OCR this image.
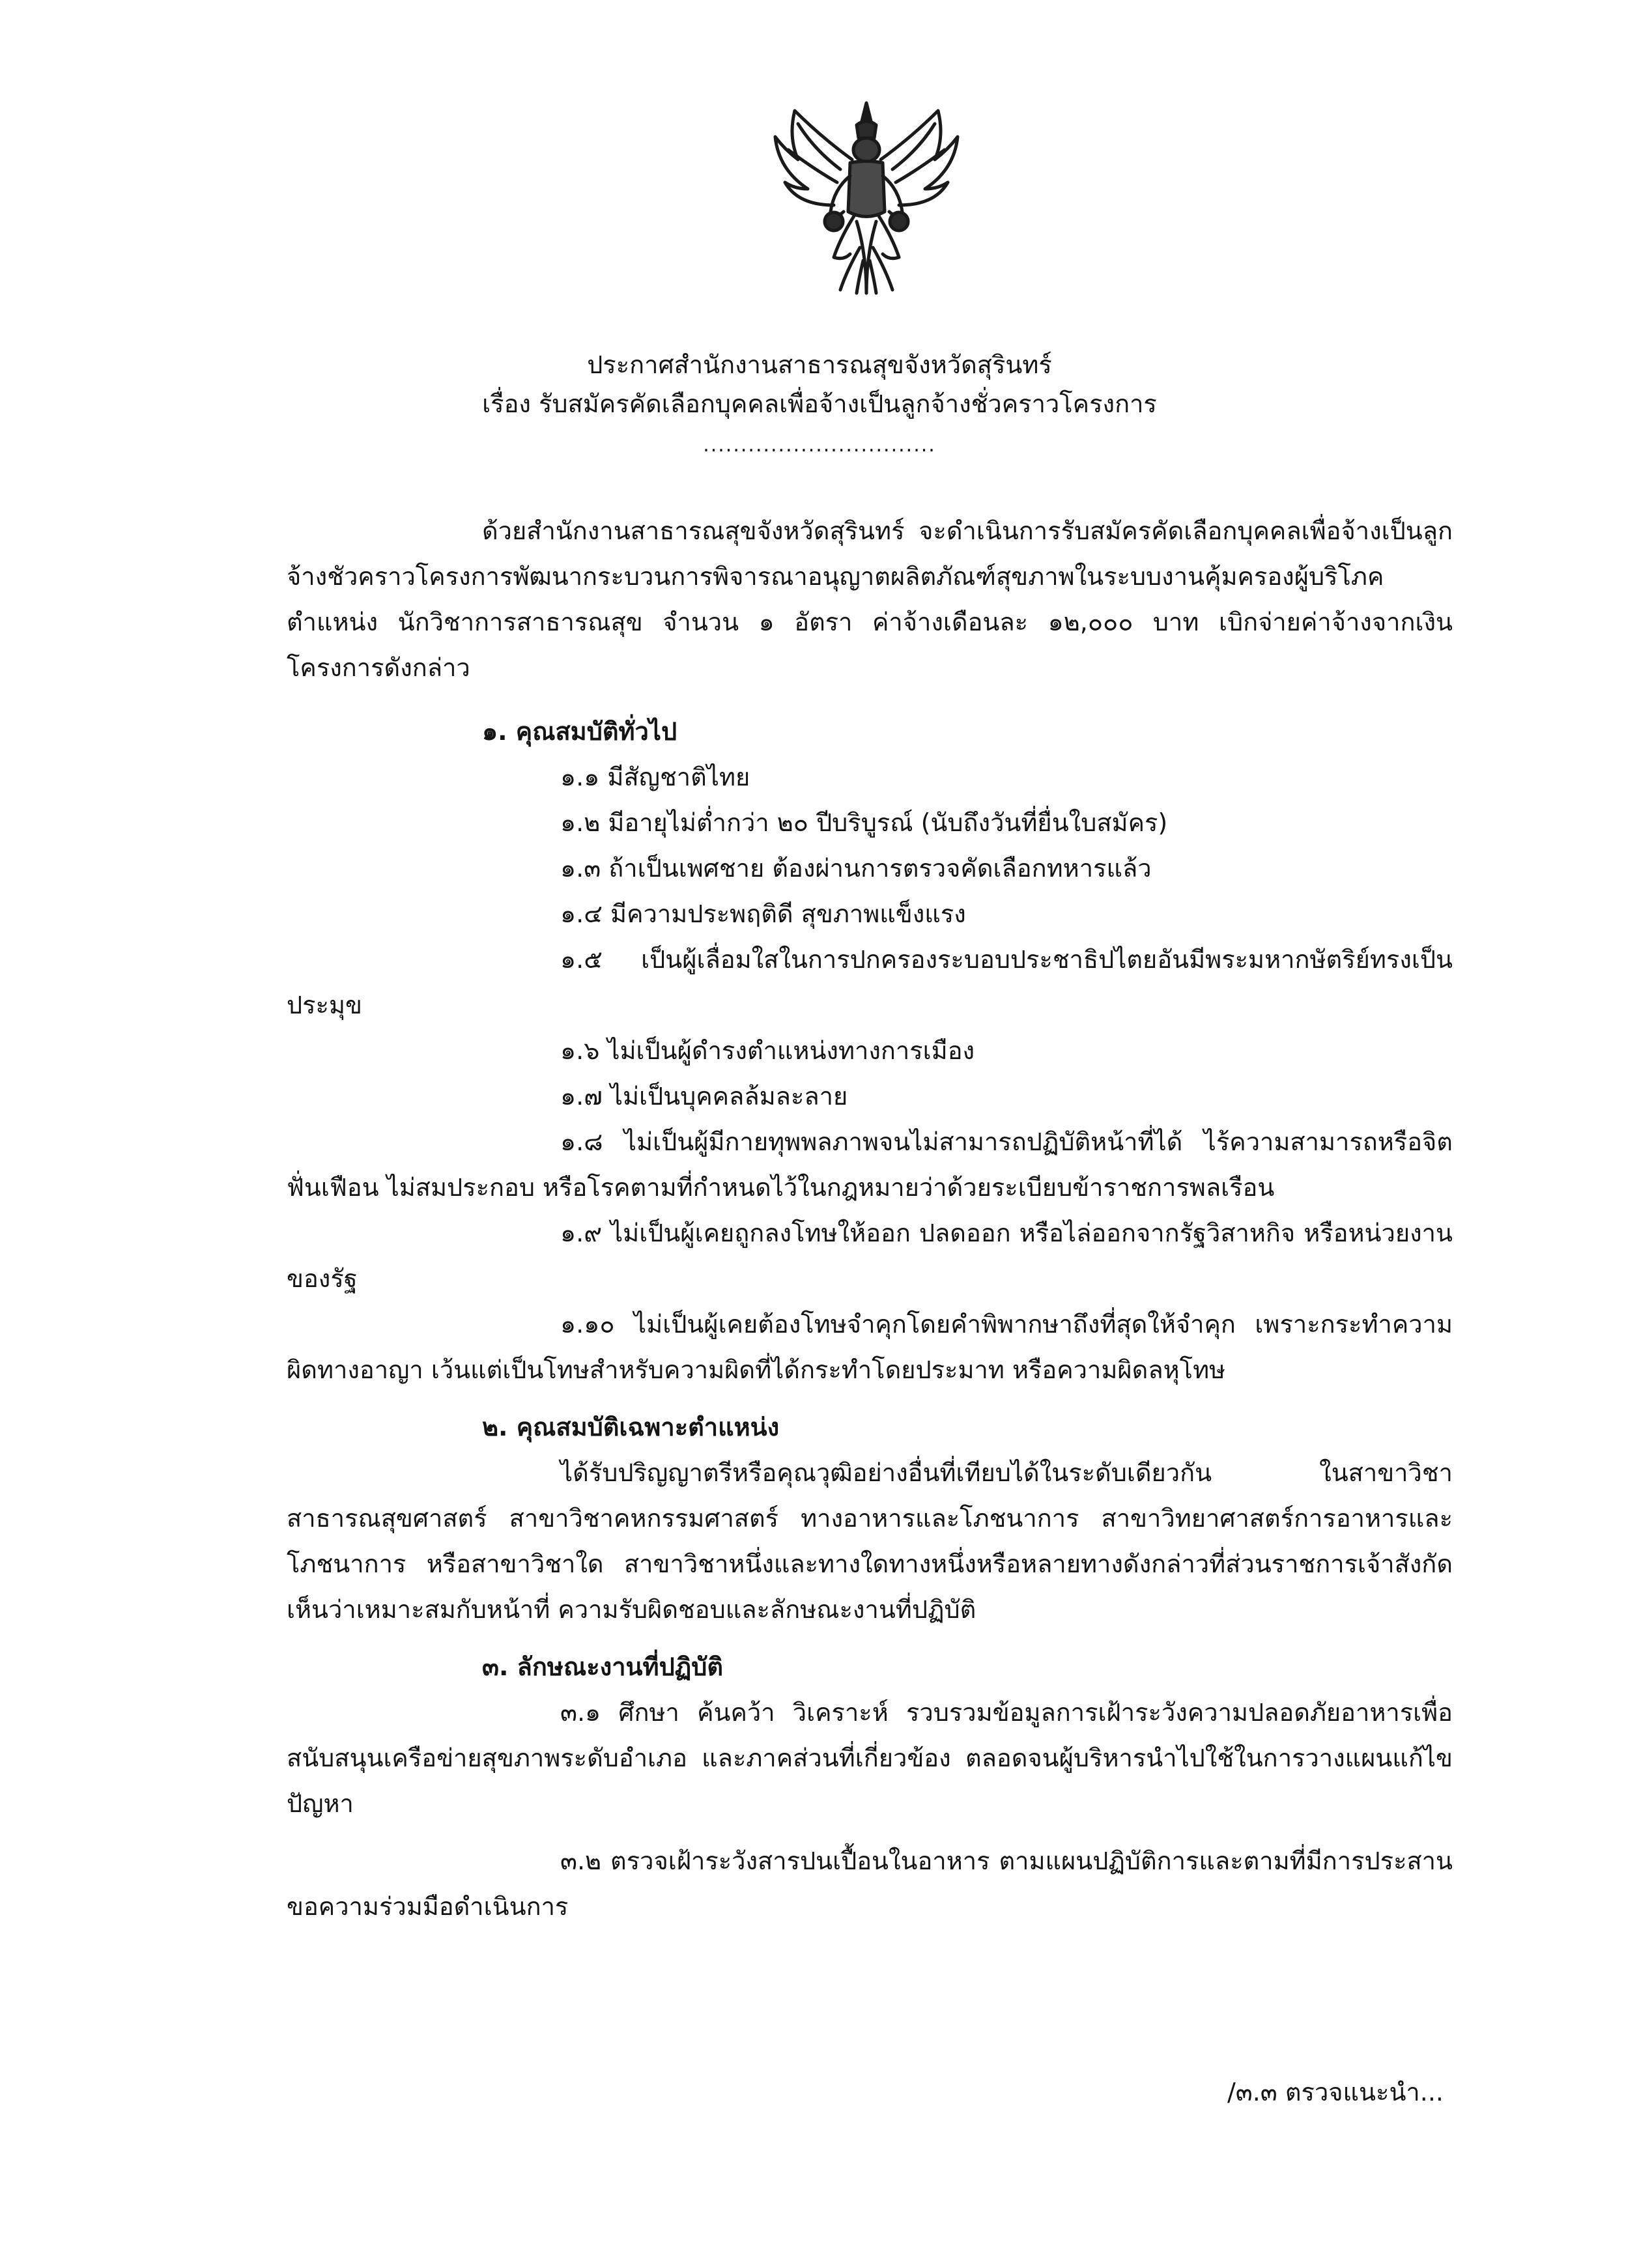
ประกาศสำนักงานสาธารณสุขจังหวัดสุรินทร์
เรื่อง รับสมัครคัดเลือกบุคคลเพื่อจ้างเป็นลูกจ้างชั่วคราวโครงการ
...............................

ด้วยสำนักงานสาธารณสุขจังหวัดสุรินทร์ จะดำเนินการรับสมัครคัดเลือกบุคคลเพื่อจ้างเป็นลูกจ้างชัวคราวโครงการพัฒนากระบวนการพิจารณาอนุญาตผลิตภัณฑ์สุขภาพในระบบงานคุ้มครองผู้บริโภค ตำแหน่ง นักวิชาการสาธารณสุข จำนวน ๑ อัตรา ค่าจ้างเดือนละ ๑๒,๐๐๐ บาท เบิกจ่ายค่าจ้างจากเงินโครงการดังกล่าว

๑. คุณสมบัติทั่วไป

๑.๑ มีสัญชาติไทย

๑.๒ มีอายุไม่ต่ำกว่า ๒๐ ปีบริบูรณ์ (นับถึงวันที่ยื่นใบสมัคร)

๑.๓ ถ้าเป็นเพศชาย ต้องผ่านการตรวจคัดเลือกทหารแล้ว

๑.๔ มีความประพฤติดี สุขภาพแข็งแรง

๑.๕ เป็นผู้เลื่อมใสในการปกครองระบอบประชาธิปไตยอันมีพระมหากษัตริย์ทรงเป็นประมุข

๑.๖ ไม่เป็นผู้ดำรงตำแหน่งทางการเมือง

๑.๗ ไม่เป็นบุคคลล้มละลาย

๑.๘ ไม่เป็นผู้มีกายทุพพลภาพจนไม่สามารถปฏิบัติหน้าที่ได้ ไร้ความสามารถหรือจิตฟั่นเฟือน ไม่สมประกอบ หรือโรคตามที่กำหนดไว้ในกฎหมายว่าด้วยระเบียบข้าราชการพลเรือน

๑.๙ ไม่เป็นผู้เคยถูกลงโทษให้ออก ปลดออก หรือไล่ออกจากรัฐวิสาหกิจ หรือหน่วยงานของรัฐ

๑.๑๐ ไม่เป็นผู้เคยต้องโทษจำคุกโดยคำพิพากษาถึงที่สุดให้จำคุก เพราะกระทำความผิดทางอาญา เว้นแต่เป็นโทษสำหรับความผิดที่ได้กระทำโดยประมาท หรือความผิดลหุโทษ

๒. คุณสมบัติเฉพาะตำแหน่ง

ได้รับปริญญาตรีหรือคุณวุฒิอย่างอื่นที่เทียบได้ในระดับเดียวกัน ในสาขาวิชาสาธารณสุขศาสตร์ สาขาวิชาคหกรรมศาสตร์ ทางอาหารและโภชนาการ สาขาวิทยาศาสตร์การอาหารและโภชนาการ หรือสาขาวิชาใด สาขาวิชาหนึ่งและทางใดทางหนึ่งหรือหลายทางดังกล่าวที่ส่วนราชการเจ้าสังกัดเห็นว่าเหมาะสมกับหน้าที่ ความรับผิดชอบและลักษณะงานที่ปฏิบัติ

๓. ลักษณะงานที่ปฏิบัติ

๓.๑ ศึกษา ค้นคว้า วิเคราะห์ รวบรวมข้อมูลการเฝ้าระวังความปลอดภัยอาหารเพื่อสนับสนุนเครือข่ายสุขภาพระดับอำเภอ และภาคส่วนที่เกี่ยวข้อง ตลอดจนผู้บริหารนำไปใช้ในการวางแผนแก้ไขปัญหา

๓.๒ ตรวจเฝ้าระวังสารปนเปื้อนในอาหาร ตามแผนปฏิบัติการและตามที่มีการประสานขอความร่วมมือดำเนินการ

/๓.๓ ตรวจแนะนำ...
